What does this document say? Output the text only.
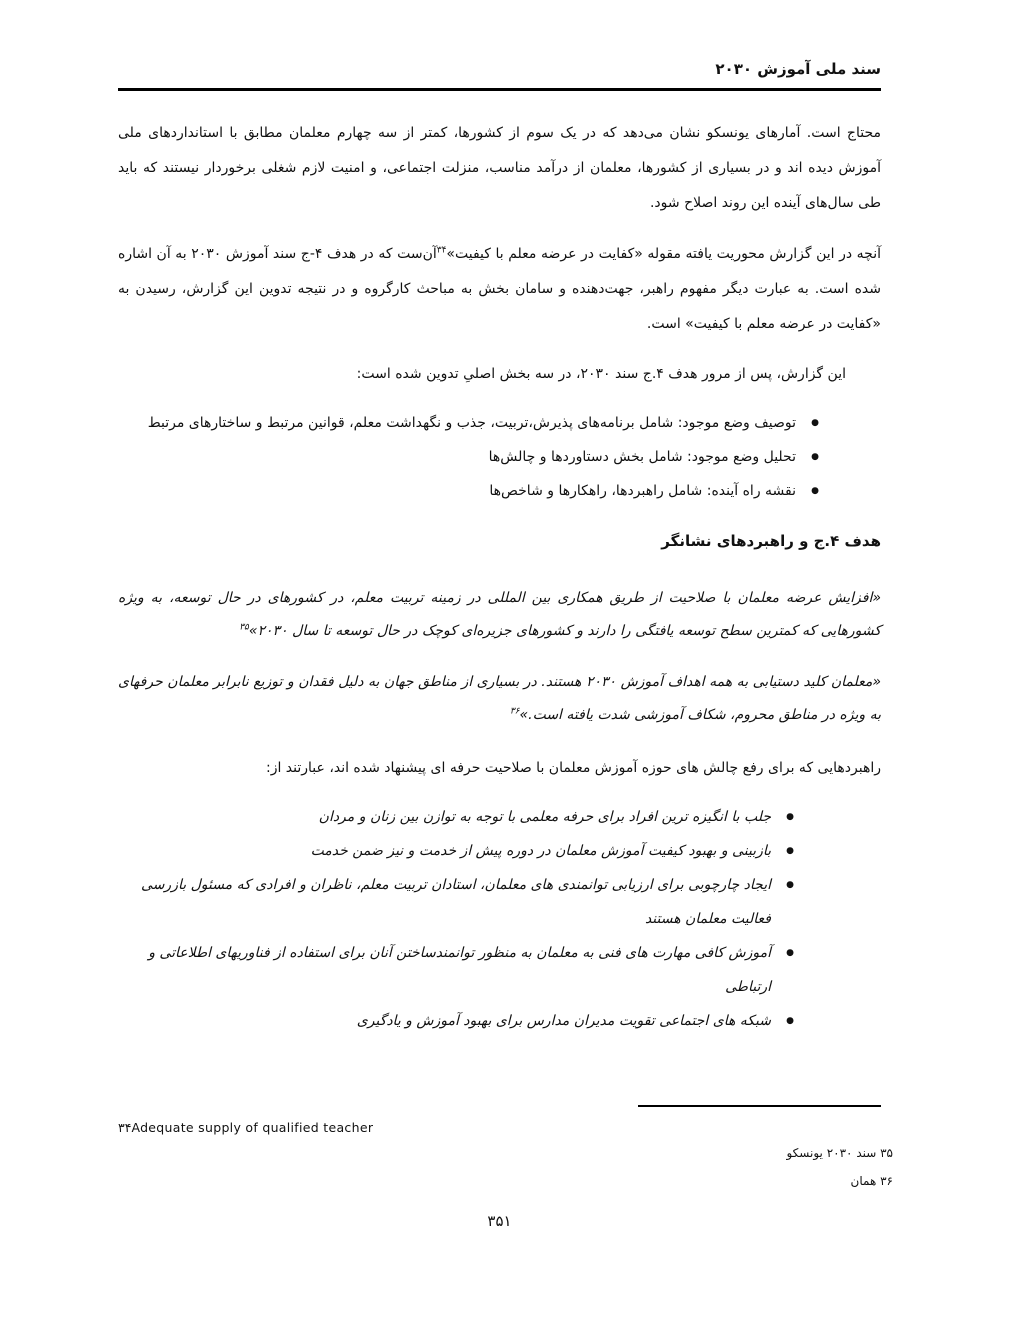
سند ملی آموزش ۲۰۳۰

محتاج است. آمارهای یونسکو نشان می‌دهد که در یک سوم از کشورها، کمتر از سه چهارم معلمان مطابق با استانداردهای ملی آموزش دیده اند و در بسیاری از کشورها، معلمان از درآمد مناسب، منزلت اجتماعی، و امنیت لازم شغلی برخوردار نیستند که باید طی سال‌های آینده این روند اصلاح شود.

آنچه در این گزارش محوریت یافته مقوله «کفایت در عرضه معلم با کیفیت»$^{۳۴}$آن‌ست که در هدف ۴-ج سند آموزش ۲۰۳۰ به آن اشاره شده است. به عبارت دیگر مفهوم راهبر، جهت‌دهنده و سامان بخش به مباحث کارگروه و در نتیجه تدوین این گزارش، رسیدن به «کفایت در عرضه معلم با کیفیت» است.

این گزارش، پس از مرور هدف ۴.ج سند ۲۰۳۰، در سه بخش اصلیِ تدوین شده است:

● توصیف وضع موجود: شامل برنامه‌های پذیرش،تربیت، جذب و نگهداشت معلم، قوانین مرتبط و ساختارهای مرتبط
● تحلیل وضع موجود: شامل بخش دستاوردها و چالش‌ها
● نقشه راه آینده: شامل راهبردها، راهکارها و شاخص‌ها
هدف ۴.ج و راهبردهای نشانگر

«افزایش عرضه معلمان با صلاحیت از طریق همکاری بین المللی در زمینه تربیت معلم، در کشورهای در حال توسعه، به ویژه کشورهایی که کمترین سطح توسعه یافتگی را دارند و کشورهای جزیره‌ای کوچک در حال توسعه تا سال ۲۰۳۰»$^{۳۵}$

«معلمان کلید دستیابی به همه اهداف آموزش ۲۰۳۰ هستند. در بسیاری از مناطق جهان به دلیل فقدان و توزیع نابرابر معلمان حرفهای به ویژه در مناطق محروم، شکاف آموزشی شدت یافته است.»$^{۳۶}$

راهبردهایی که برای رفع چالش های حوزه آموزش معلمان با صلاحیت حرفه ای پیشنهاد شده اند، عبارتند از:

● جلب با انگیزه ترین افراد برای حرفه معلمی با توجه به توازن بین زنان و مردان
● بازبینی و بهبود کیفیت آموزش معلمان در دوره پیش از خدمت و نیز ضمن خدمت
● ایجاد چارچوبی برای ارزیابی توانمندی های معلمان، استادان تربیت معلم، ناظران و افرادی که مسئول بازرسی فعالیت معلمان هستند
● آموزش کافی مهارت های فنی به معلمان به منظور توانمندساختن آنان برای استفاده از فناوریهای اطلاعاتی و ارتباطی
● شبکه های اجتماعی تقویت مدیران مدارس برای بهبود آموزش و یادگیری
۳۴Adequate supply of qualified teacher
۳۵ سند ۲۰۳۰ یونسکو
۳۶ همان
۳۵۱
